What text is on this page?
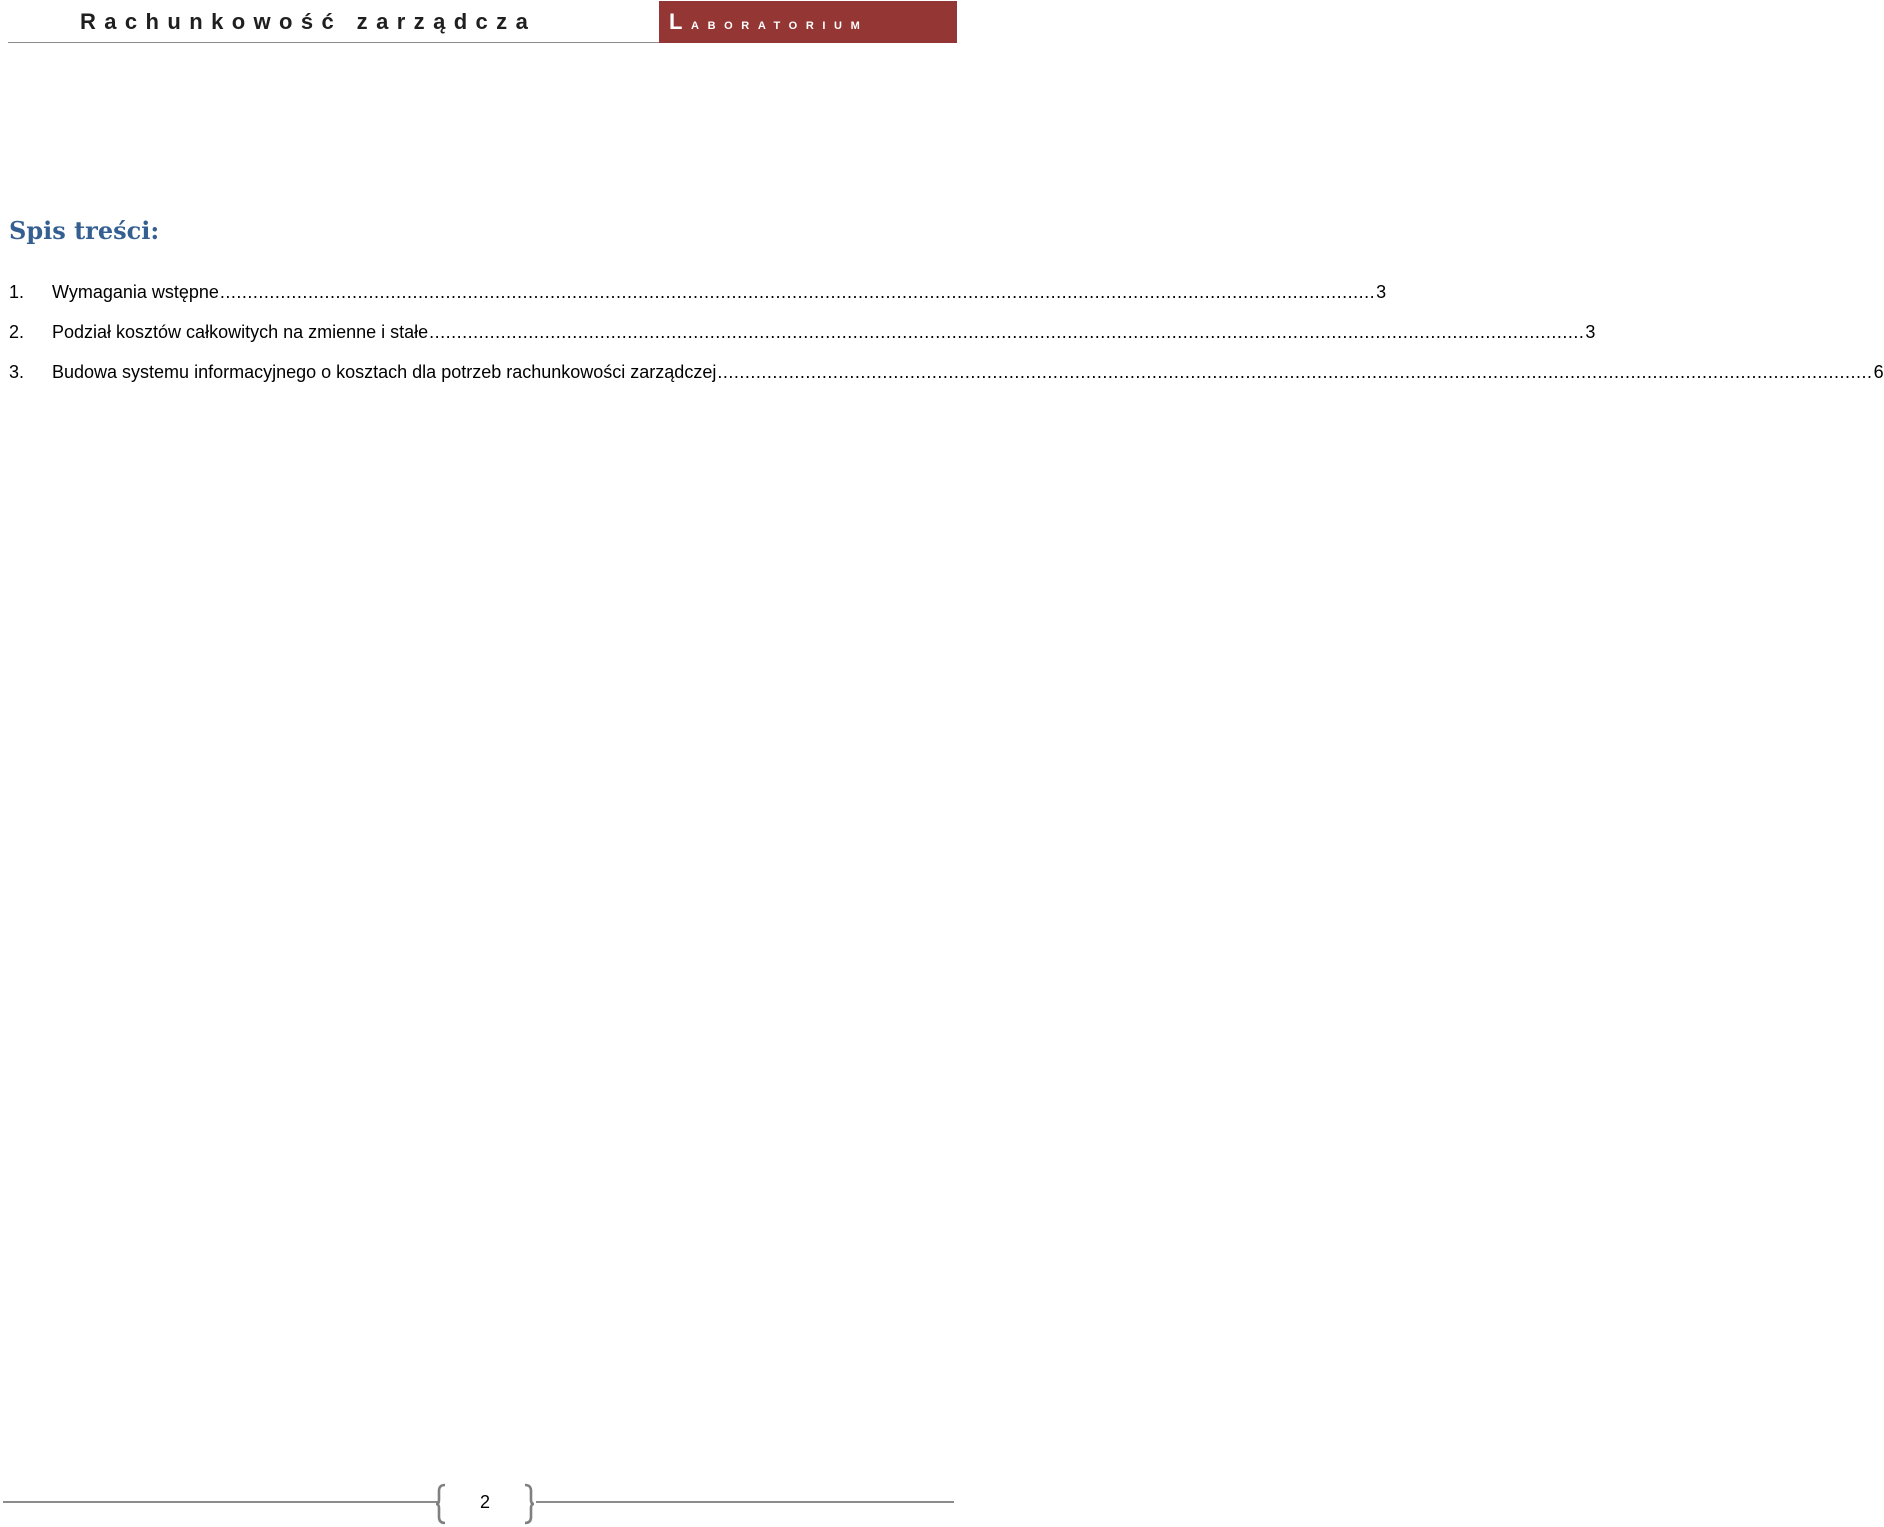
Rachunkowość zarządcza	Laboratorium
Spis treści:
1.	Wymagania wstępne .................................................................................................................................................................................................................. 3
2.	Podział kosztów całkowitych na zmienne i stałe .................................................................................................................................................................................................................. 3
3.	Budowa systemu informacyjnego o kosztach dla potrzeb rachunkowości zarządczej .................................................................................................................................................................................................................. 6
2
